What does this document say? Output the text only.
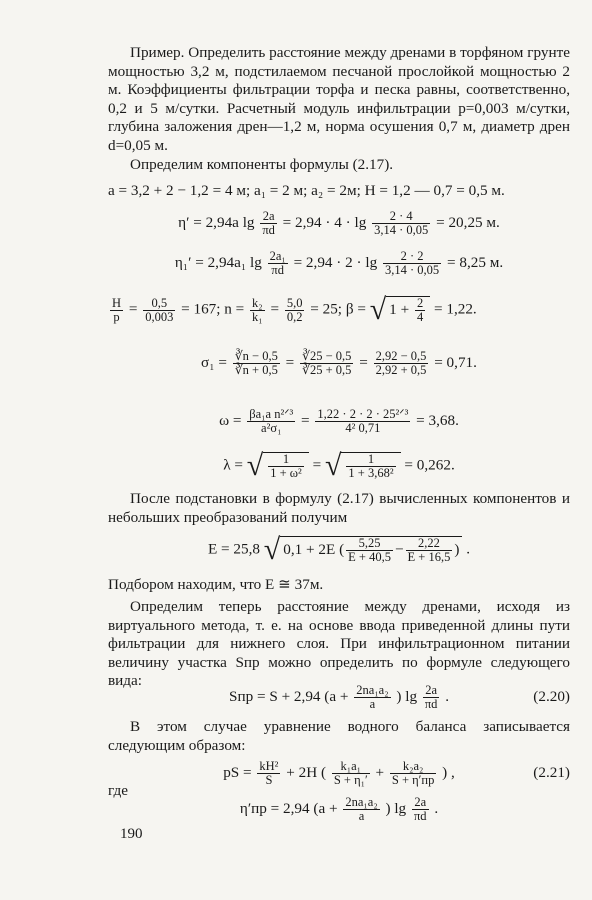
Пример. Определить расстояние между дренами в торфяном грунте мощностью 3,2 м, подстилаемом песчаной прослойкой мощностью 2 м. Коэффициенты фильтрации торфа и песка равны, соответственно, 0,2 и 5 м/сутки. Расчетный модуль инфильтрации p=0,003 м/сутки, глубина заложения дрен—1,2 м, норма осушения 0,7 м, диаметр дрен d=0,05 м.

Определим компоненты формулы (2.17).

a = 3,2 + 2 − 1,2 = 4 м; a₁ = 2 м; a₂ = 2м; H = 1,2 — 0,7 = 0,5 м.
η′ = 2,94a $\lg \frac{2a}{\pi d} = 2,94 \cdot 4 \cdot \lg \frac{2 \cdot 4}{3,14 \cdot 0,05} = 20,25$ м.
η₁′ = 2,94a₁ $\lg \frac{\text{2a₁}}{\pi d} = 2,94 \cdot 2 \cdot \lg \frac{2 \cdot 2}{3,14 \cdot 0,05} = 8,25$ м.
$\frac{H}{p} = \frac{0,5}{0,003} = 167$; $n = \frac{\text{k₂}}{\text{k₁}} = \frac{5,0}{0,2} = 25$; β = √ $1 + \frac{2}{4} = 1,22$.
$\sigma_1 = \frac{∛n - 0,5}{∛n + 0,5} = \frac{∛25 - 0,5}{∛25 + 0,5} = \frac{2,92 - 0,5}{2,92 + 0,5} = 0,71$.
$\omega = \frac{\text{βa₁a n²ᐟ³}}{\text{a²σ₁}} = \frac{\text{1,22 · 2 · 2 · 25²ᐟ³}}{\text{4² 0,71}} = 3,68$.
λ = √ $\frac{1}{\text{1 + ω²}}$ = √ $\frac{1}{\text{1 + 3,68²}} = 0,262$.

После подстановки в формулу (2.17) вычисленных компонентов и небольших преобразований получим

E = 25,8 √ 0,1 + 2E ( $\frac{5,25}{E + 40,5} - \frac{2,22}{E + 16,5}$ ) .

Подбором находим, что E ≅ 37м.

Определим теперь расстояние между дренами, исходя из виртуального метода, т. е. на основе ввода приведенной длины пути фильтрации для нижнего слоя. При инфильтрационном питании величину участка Sпр можно определить по формуле следующего вида:

Sпр = S + 2,94 ($a + \frac{\text{2na₁a₂}}{a}$ ) $\lg \frac{2a}{\pi d}$ .	(2.20)

В этом случае уравнение водного баланса записывается следующим образом:

pS = $\frac{\text{kH²}}{S} + 2H$ ( $\frac{\text{k₁a₁}}{\text{S + η₁′}} + \frac{\text{k₂a₂}}{S + \eta'пр}$ ) ,	(2.21)
где
η′пр = 2,94 ($a + \frac{\text{2na₁a₂}}{a}$ ) $\lg \frac{2a}{\pi d}$ .
190
